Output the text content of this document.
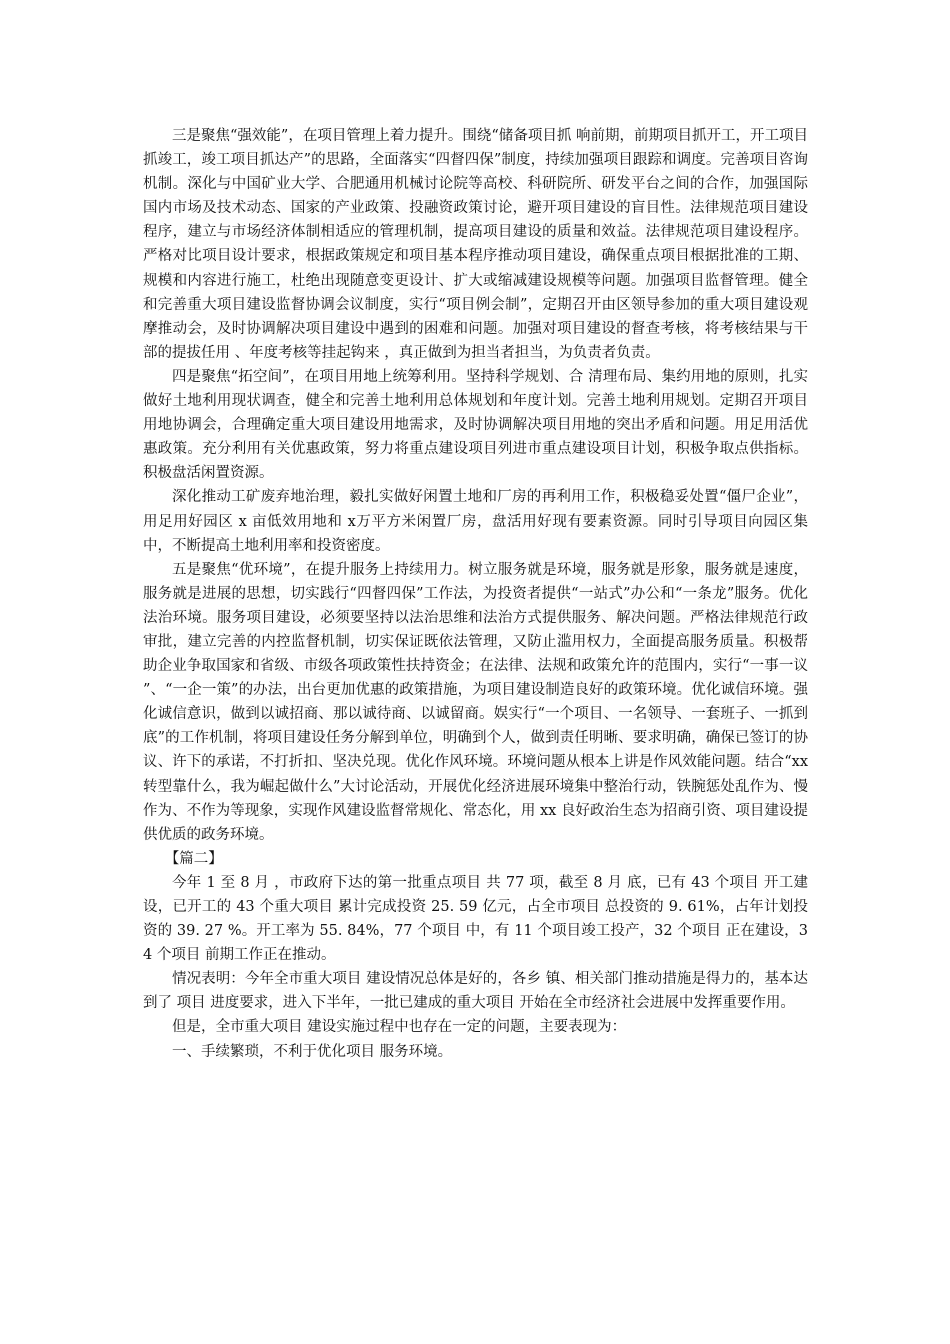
三是聚焦“强效能”，在项目管理上着力提升。围绕“储备项目抓 响前期，前期项目抓开工，开工项目抓竣工，竣工项目抓达产”的思路，全面落实“四督四保”制度，持续加强项目跟踪和调度。完善项目咨询机制。深化与中国矿业大学、合肥通用机械讨论院等高校、科研院所、研发平台之间的合作，加强国际国内市场及技术动态、国家的产业政策、投融资政策讨论，避开项目建设的盲目性。法律规范项目建设程序，建立与市场经济体制相适应的管理机制，提高项目建设的质量和效益。法律规范项目建设程序。严格对比项目设计要求，根据政策规定和项目基本程序推动项目建设，确保重点项目根据批准的工期、规模和内容进行施工，杜绝出现随意变更设计、扩大或缩减建设规模等问题。加强项目监督管理。健全和完善重大项目建设监督协调会议制度，实行“项目例会制”，定期召开由区领导参加的重大项目建设观摩推动会，及时协调解决项目建设中遇到的困难和问题。加强对项目建设的督查考核，将考核结果与干部的提拔任用 、年度考核等挂起钩来 ，真正做到为担当者担当，为负责者负责。

四是聚焦“拓空间”，在项目用地上统筹利用。坚持科学规划、合 清理布局、集约用地的原则，扎实做好土地利用现状调查，健全和完善土地利用总体规划和年度计划。完善土地利用规划。定期召开项目用地协调会，合理确定重大项目建设用地需求，及时协调解决项目用地的突出矛盾和问题。用足用活优惠政策。充分利用有关优惠政策，努力将重点建设项目列进市重点建设项目计划，积极争取点供指标。积极盘活闲置资源。

深化推动工矿废弃地治理，毅扎实做好闲置土地和厂房的再利用工作，积极稳妥处置“僵尸企业”，用足用好园区 x 亩低效用地和 x万平方米闲置厂房，盘活用好现有要素资源。同时引导项目向园区集中，不断提高土地利用率和投资密度。

五是聚焦“优环境”，在提升服务上持续用力。树立服务就是环境，服务就是形象，服务就是速度，服务就是进展的思想，切实践行“四督四保”工作法，为投资者提供“一站式”办公和“一条龙”服务。优化法治环境。服务项目建设，必须要坚持以法治思维和法治方式提供服务、解决问题。严格法律规范行政审批，建立完善的内控监督机制，切实保证既依法管理，又防止滥用权力，全面提高服务质量。积极帮助企业争取国家和省级、市级各项政策性扶持资金；在法律、法规和政策允许的范围内，实行“一事一议 ”、“一企一策”的办法，出台更加优惠的政策措施，为项目建设制造良好的政策环境。优化诚信环境。强化诚信意识，做到以诚招商、那以诚待商、以诚留商。娱实行“一个项目、一名领导、一套班子、一抓到底”的工作机制，将项目建设任务分解到单位，明确到个人，做到责任明晰、要求明确，确保已签订的协议、许下的承诺，不打折扣、坚决兑现。优化作风环境。环境问题从根本上讲是作风效能问题。结合“xx 转型靠什么，我为崛起做什么”大讨论活动，开展优化经济进展环境集中整治行动，铁腕惩处乱作为、慢作为、不作为等现象，实现作风建设监督常规化、常态化，用 xx 良好政治生态为招商引资、项目建设提供优质的政务环境。

【篇二】

今年 1 至 8 月 ，市政府下达的第一批重点项目 共 77 项，截至 8 月 底，已有 43 个项目 开工建设，已开工的 43 个重大项目 累计完成投资 25. 59 亿元，占全市项目 总投资的 9. 61%，占年计划投资的 39. 27 %。开工率为 55. 84%，77 个项目 中，有 11 个项目竣工投产，32 个项目 正在建设，34 个项目 前期工作正在推动。

情况表明：今年全市重大项目 建设情况总体是好的，各乡 镇、相关部门推动措施是得力的，基本达到了 项目 进度要求，进入下半年，一批已建成的重大项目 开始在全市经济社会进展中发挥重要作用。

但是，全市重大项目 建设实施过程中也存在一定的问题，主要表现为：

一、手续繁琐，不利于优化项目 服务环境。
